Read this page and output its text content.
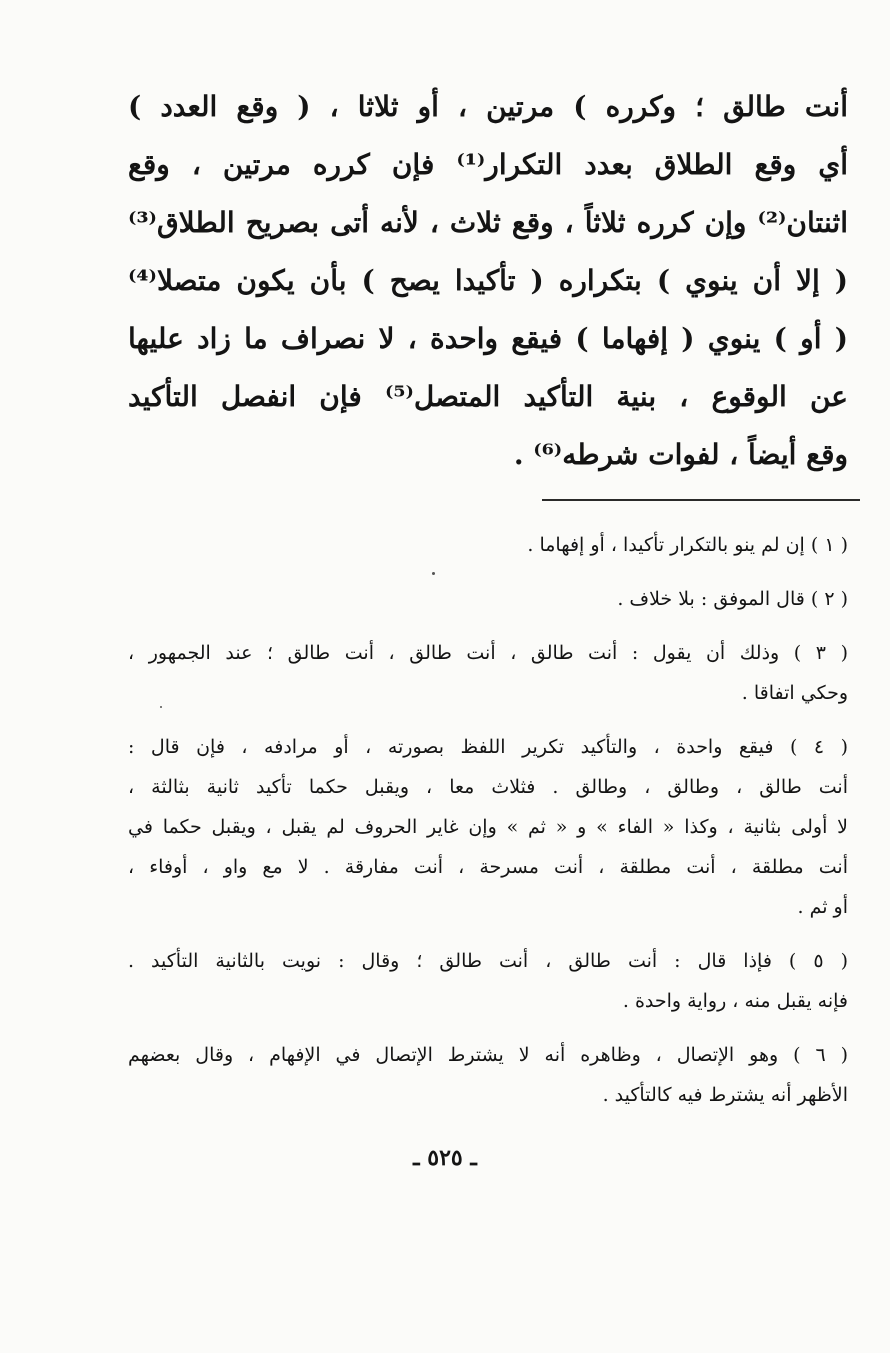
أنت طالق ؛ وكرره ) مرتين ، أو ثلاثا ، ( وقع العدد )
أي وقع الطلاق بعدد التكرار⁽¹⁾ فإن كرره مرتين ، وقع
اثنتان⁽²⁾ وإن كرره ثلاثاً ، وقع ثلاث ، لأنه أتى بصريح الطلاق⁽³⁾
( إلا أن ينوي ) بتكراره ( تأكيدا يصح ) بأن يكون متصلا⁽⁴⁾
( أو ) ينوي ( إفهاما ) فيقع واحدة ، لا نصراف ما زاد عليها
عن الوقوع ، بنية التأكيد المتصل⁽⁵⁾ فإن انفصل التأكيد
وقع أيضاً ، لفوات شرطه⁽⁶⁾ .
( ١ ) إن لم ينو بالتكرار تأكيدا ، أو إفهاما .
( ٢ ) قال الموفق : بلا خلاف .
( ٣ ) وذلك أن يقول : أنت طالق ، أنت طالق ، أنت طالق ؛ عند الجمهور ،
وحكي اتفاقا .
( ٤ ) فيقع واحدة ، والتأكيد تكرير اللفظ بصورته ، أو مرادفه ، فإن قال :
أنت طالق ، وطالق ، وطالق . فثلاث معا ، ويقبل حكما تأكيد ثانية بثالثة ،
لا أولى بثانية ، وكذا « الفاء » و « ثم » وإن غاير الحروف لم يقبل ، ويقبل حكما في
أنت مطلقة ، أنت مطلقة ، أنت مسرحة ، أنت مفارقة . لا مع واو ، أوفاء ،
أو ثم .
( ٥ ) فإذا قال : أنت طالق ، أنت طالق ؛ وقال : نويت بالثانية التأكيد .
فإنه يقبل منه ، رواية واحدة .
( ٦ ) وهو الإتصال ، وظاهره أنه لا يشترط الإتصال في الإفهام ، وقال بعضهم
الأظهر أنه يشترط فيه كالتأكيد .
ـ ٥٢٥ ـ
